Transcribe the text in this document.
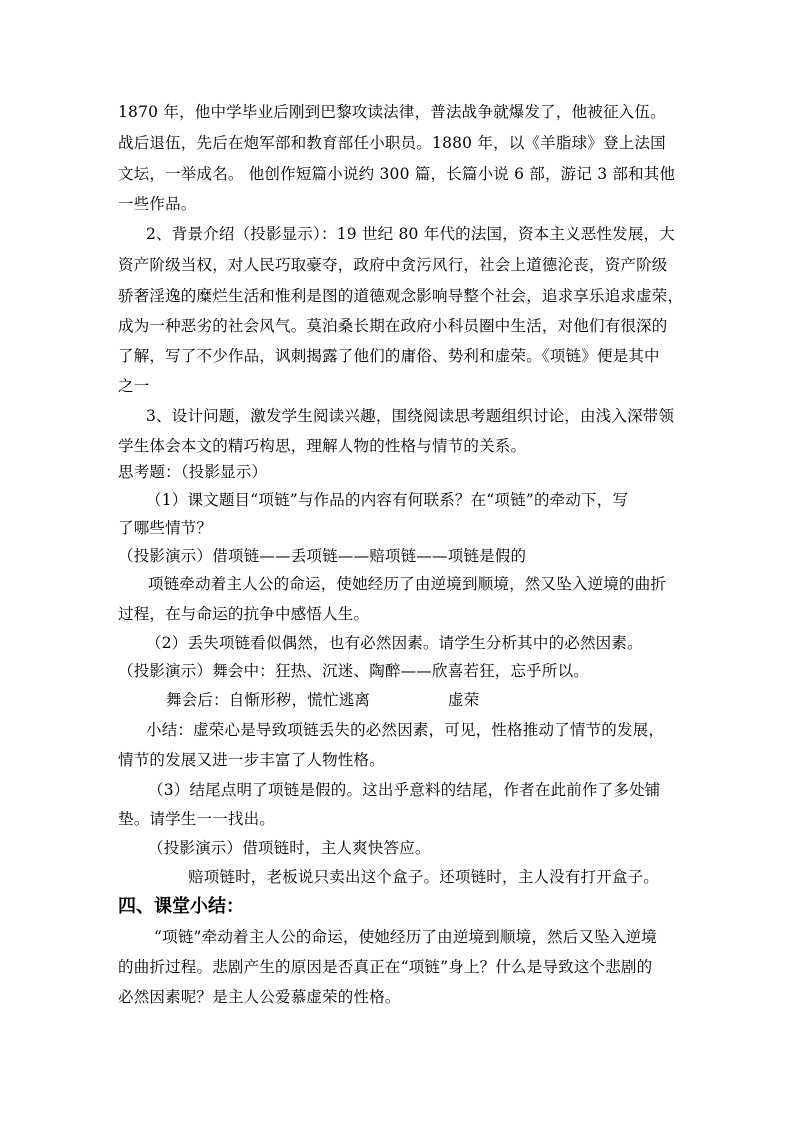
1870 年，他中学毕业后刚到巴黎攻读法律，普法战争就爆发了，他被征入伍。
战后退伍，先后在炮军部和教育部任小职员。1880 年，以《羊脂球》登上法国
文坛，一举成名。 他创作短篇小说约 300 篇，长篇小说 6 部，游记 3 部和其他
一些作品。
2、背景介绍（投影显示）：19 世纪 80 年代的法国，资本主义恶性发展，大
资产阶级当权，对人民巧取豪夺，政府中贪污风行，社会上道德沦丧，资产阶级
骄奢淫逸的糜烂生活和惟利是图的道德观念影响导整个社会，追求享乐追求虚荣，
成为一种恶劣的社会风气。莫泊桑长期在政府小科员圈中生活，对他们有很深的
了解，写了不少作品，讽刺揭露了他们的庸俗、势利和虚荣。《项链》便是其中
之一
3、设计问题，激发学生阅读兴趣，围绕阅读思考题组织讨论，由浅入深带领
学生体会本文的精巧构思，理解人物的性格与情节的关系。
思考题：（投影显示）
（1）课文题目“项链”与作品的内容有何联系？在“项链”的牵动下，写
了哪些情节？
（投影演示）借项链——丢项链——赔项链——项链是假的
项链牵动着主人公的命运，使她经历了由逆境到顺境，然又坠入逆境的曲折
过程，在与命运的抗争中感悟人生。
（2）丢失项链看似偶然，也有必然因素。请学生分析其中的必然因素。
（投影演示）舞会中：狂热、沉迷、陶醉——欣喜若狂，忘乎所以。
舞会后：自惭形秽，慌忙逃离	虚荣
小结：虚荣心是导致项链丢失的必然因素，可见，性格推动了情节的发展，
情节的发展又进一步丰富了人物性格。
（3）结尾点明了项链是假的。这出乎意料的结尾，作者在此前作了多处铺
垫。请学生一一找出。
（投影演示）借项链时，主人爽快答应。
赔项链时，老板说只卖出这个盒子。还项链时，主人没有打开盒子。
四、课堂小结：
“项链”牵动着主人公的命运，使她经历了由逆境到顺境，然后又坠入逆境
的曲折过程。悲剧产生的原因是否真正在“项链”身上？什么是导致这个悲剧的
必然因素呢？是主人公爱慕虚荣的性格。
